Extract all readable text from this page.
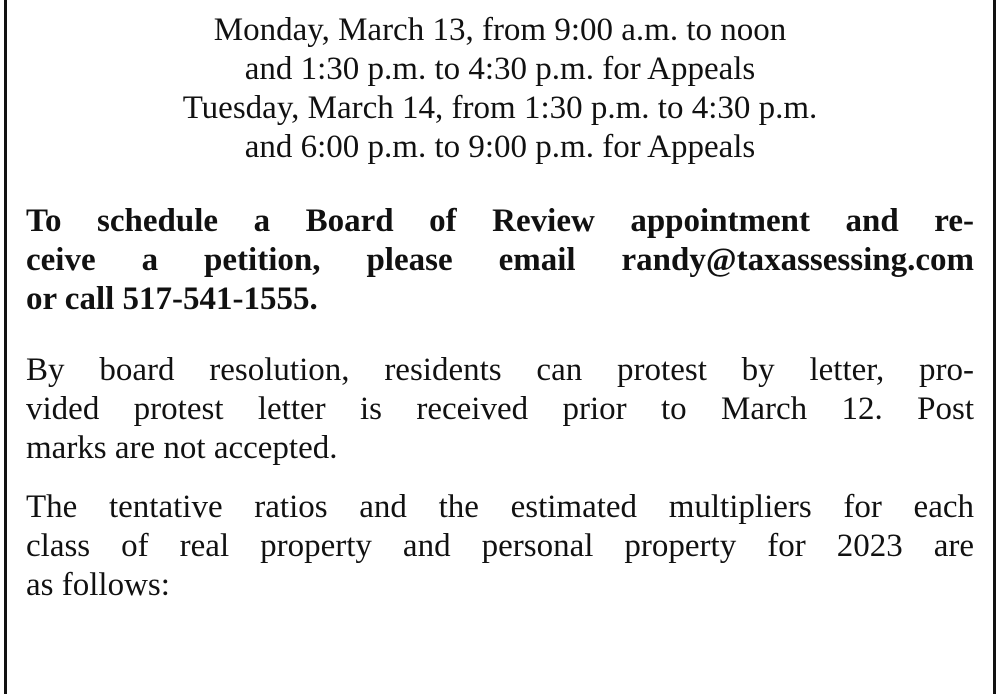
Monday, March 13, from 9:00 a.m. to noon
and 1:30 p.m. to 4:30 p.m. for Appeals
Tuesday, March 14, from 1:30 p.m. to 4:30 p.m.
and 6:00 p.m. to 9:00 p.m. for Appeals
To schedule a Board of Review appointment and re-
ceive a petition, please email randy@taxassessing.com
or call 517-541-1555.
By board resolution, residents can protest by letter, pro-
vided protest letter is received prior to March 12. Post
marks are not accepted.
The tentative ratios and the estimated multipliers for each
class of real property and personal property for 2023 are
as follows:
